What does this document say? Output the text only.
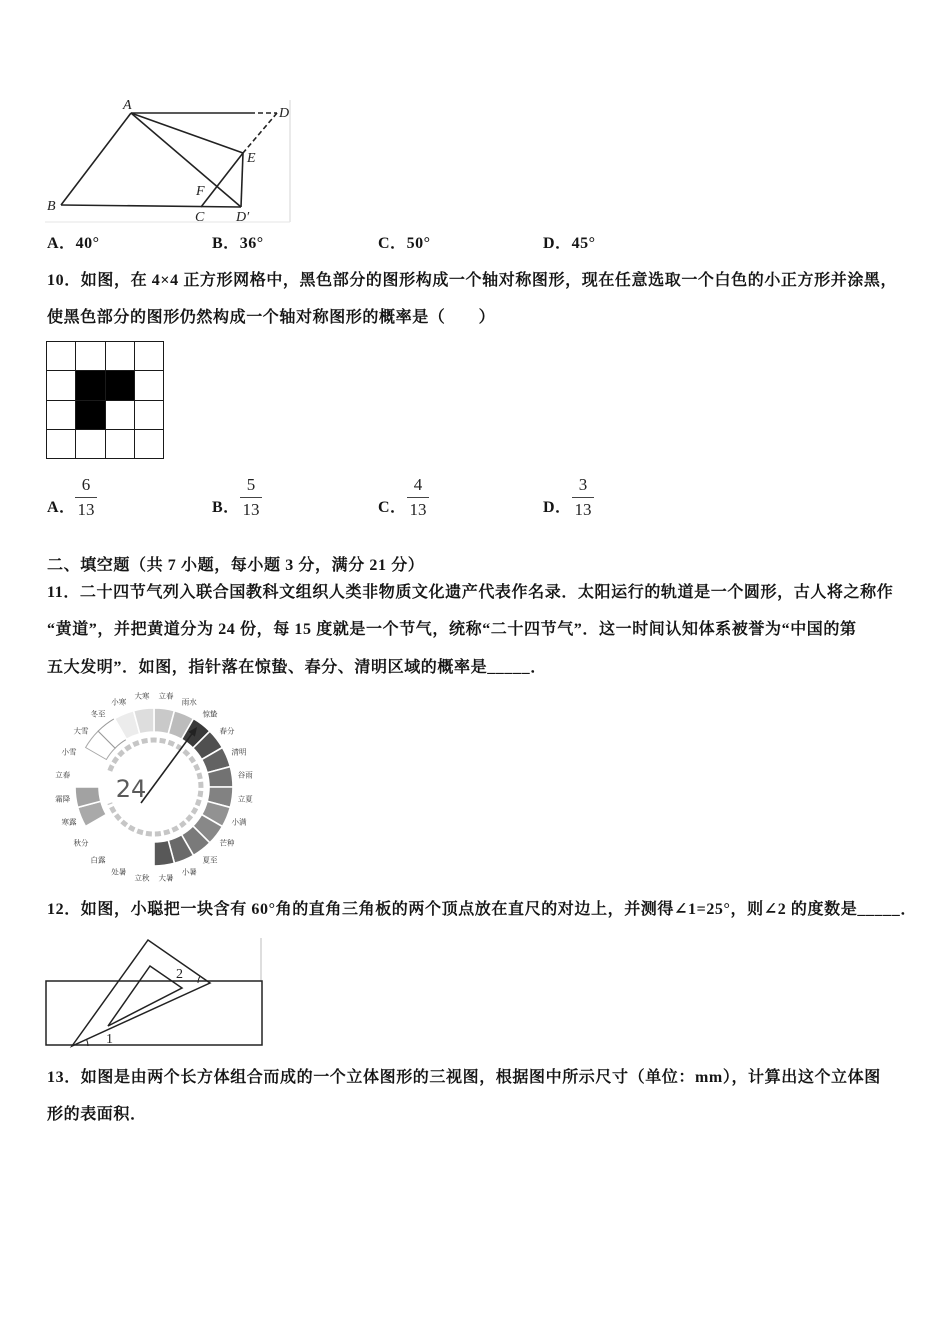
A
D
E
B
C
F
D′
A．40°	B．36°	C．50°	D．45°
10．如图，在 4×4 正方形网格中，黑色部分的图形构成一个轴对称图形，现在任意选取一个白色的小正方形并涂黑，
使黑色部分的图形仍然构成一个轴对称图形的概率是（　　）
A．
6
13	B．
5
13	C．
4
13	D．
3
13
二、填空题（共 7 小题，每小题 3 分，满分 21 分）
11．二十四节气列入联合国教科文组织人类非物质文化遗产代表作名录．太阳运行的轨道是一个圆形，古人将之称作
“黄道”，并把黄道分为 24 份，每 15 度就是一个节气，统称“二十四节气”．这一时间认知体系被誉为“中国的第
五大发明”．如图，指针落在惊蛰、春分、清明区域的概率是_____．
立春
雨水
惊蛰
春分
清明
谷雨
立夏
小满
芒种
夏至
小暑
大暑
立秋
处暑
白露
秋分
寒露
霜降
立春
小雪
大雪
冬至
小寒
大寒
24
12．如图，小聪把一块含有 60°角的直角三角板的两个顶点放在直尺的对边上，并测得∠1=25°，则∠2 的度数是_____．
1
2
13．如图是由两个长方体组合而成的一个立体图形的三视图，根据图中所示尺寸（单位：mm），计算出这个立体图
形的表面积．
